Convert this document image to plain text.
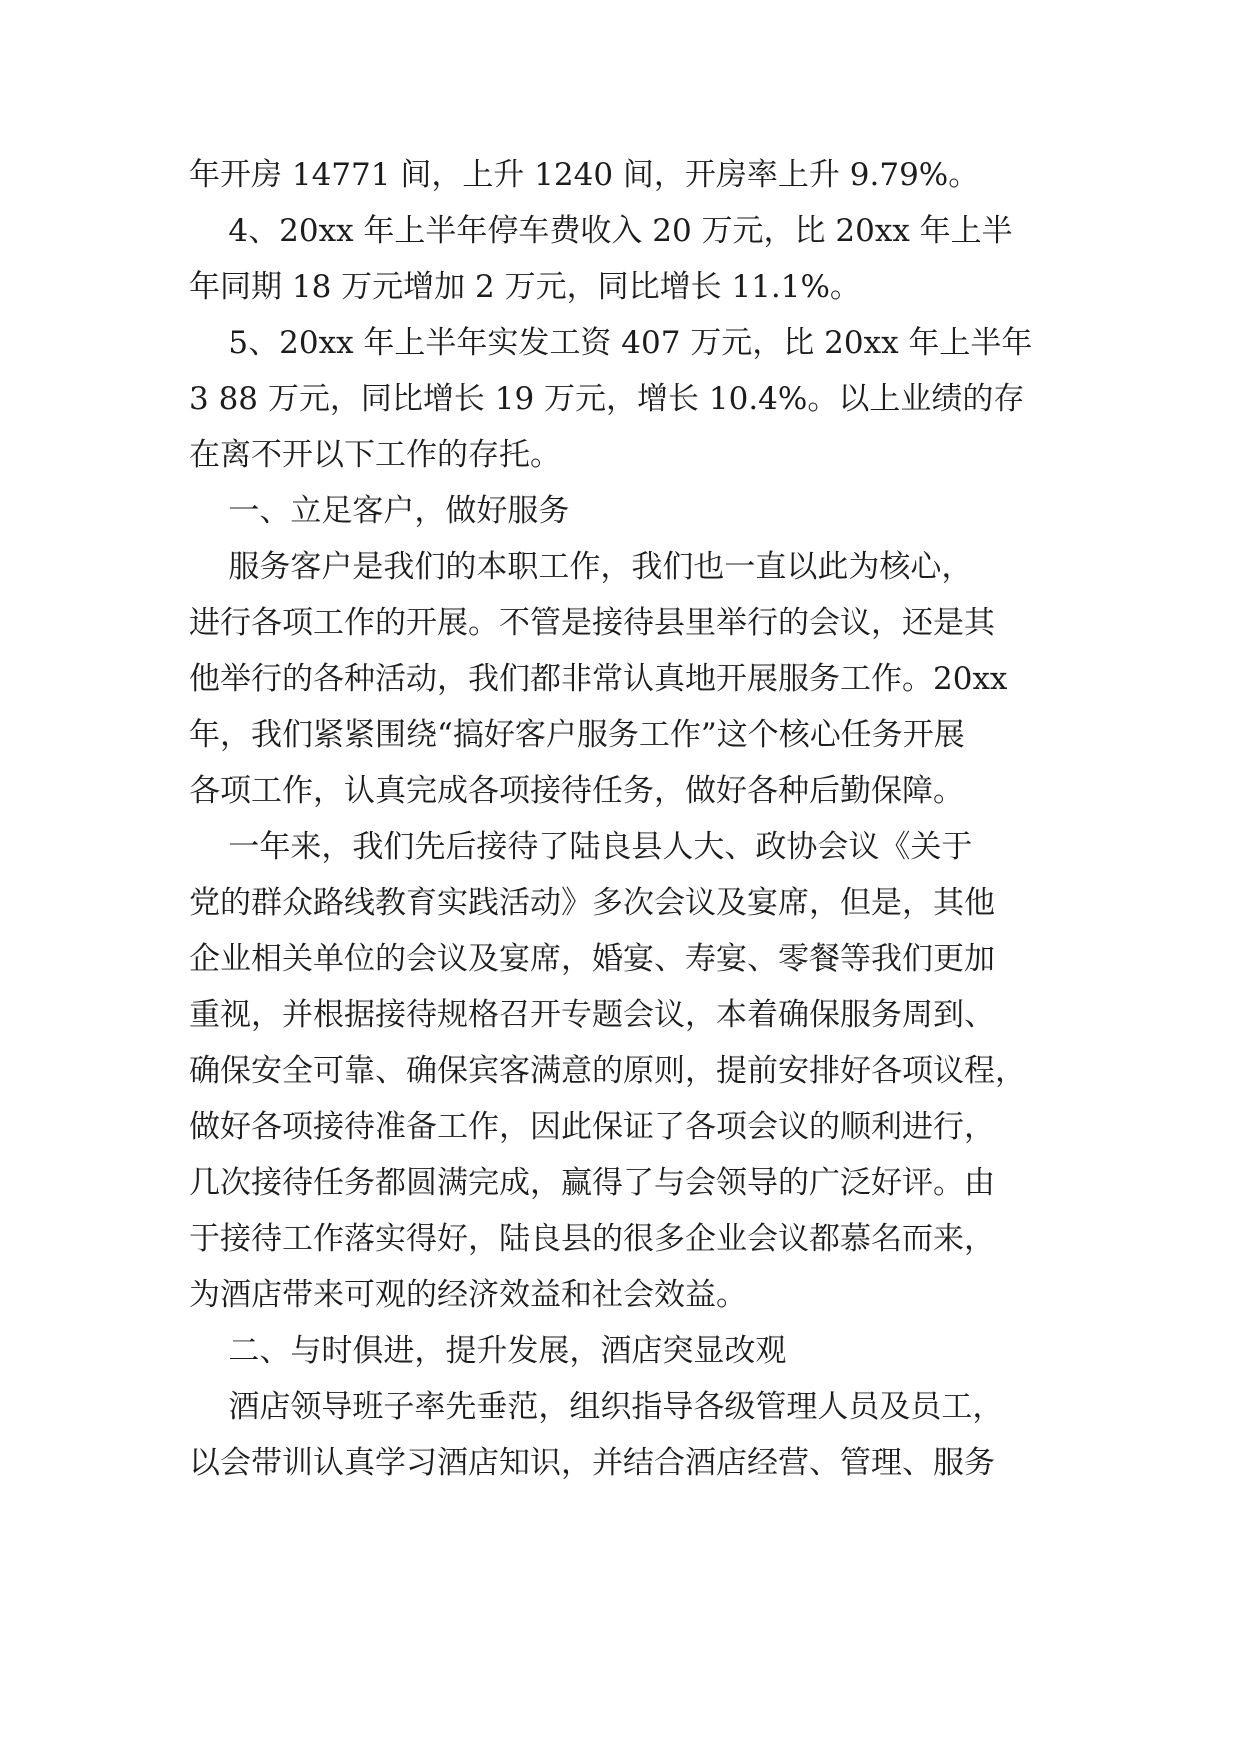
年开房 14771 间，上升 1240 间，开房率上升 9.79%。

4、20xx 年上半年停车费收入 20 万元，比 20xx 年上半

年同期 18 万元增加 2 万元，同比增长 11.1%。

5、20xx 年上半年实发工资 407 万元，比 20xx 年上半年

3 88 万元，同比增长 19 万元，增长 10.4%。以上业绩的存

在离不开以下工作的存托。

一、立足客户，做好服务

服务客户是我们的本职工作，我们也一直以此为核心，

进行各项工作的开展。不管是接待县里举行的会议，还是其

他举行的各种活动，我们都非常认真地开展服务工作。20xx

年，我们紧紧围绕“搞好客户服务工作”这个核心任务开展

各项工作，认真完成各项接待任务，做好各种后勤保障。

一年来，我们先后接待了陆良县人大、政协会议《关于

党的群众路线教育实践活动》多次会议及宴席，但是，其他

企业相关单位的会议及宴席，婚宴、寿宴、零餐等我们更加

重视，并根据接待规格召开专题会议，本着确保服务周到、

确保安全可靠、确保宾客满意的原则，提前安排好各项议程，

做好各项接待准备工作，因此保证了各项会议的顺利进行，

几次接待任务都圆满完成，赢得了与会领导的广泛好评。由

于接待工作落实得好，陆良县的很多企业会议都慕名而来，

为酒店带来可观的经济效益和社会效益。

二、与时俱进，提升发展，酒店突显改观

酒店领导班子率先垂范，组织指导各级管理人员及员工，

以会带训认真学习酒店知识，并结合酒店经营、管理、服务
